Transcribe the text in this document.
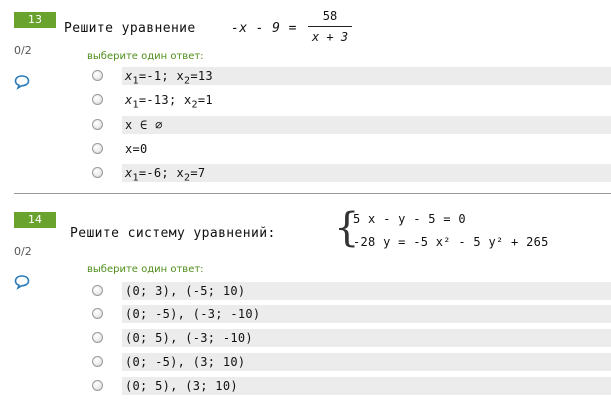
13
0/2
Решите уравнение	-x - 9 =
58
x + 3
выберите один ответ:
$x_1=-1$; $x_2=13$
$x_1=-13$; $x_2=1$
x ∈ ∅
x=0
$x_1=-6$; $x_2=7$
14
0/2
Решите систему уравнений: {
5 x - y - 5 = 0
-28 y = -5 x² - 5 y² + 265
выберите один ответ:
(0; 3), (-5; 10)
(0; -5), (-3; -10)
(0; 5), (-3; -10)
(0; -5), (3; 10)
(0; 5), (3; 10)
